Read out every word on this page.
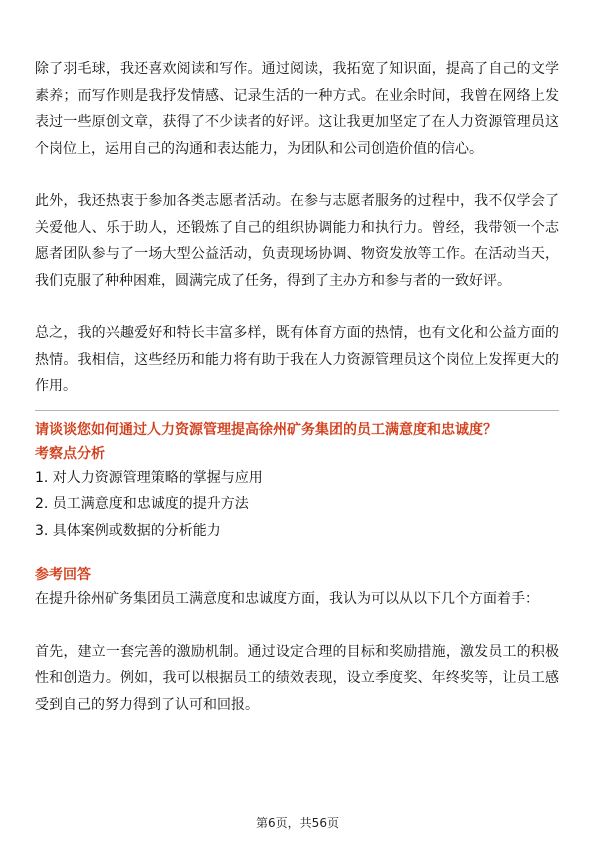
除了羽毛球，我还喜欢阅读和写作。通过阅读，我拓宽了知识面，提高了自己的文学素养；而写作则是我抒发情感、记录生活的一种方式。在业余时间，我曾在网络上发表过一些原创文章，获得了不少读者的好评。这让我更加坚定了在人力资源管理员这个岗位上，运用自己的沟通和表达能力，为团队和公司创造价值的信心。

此外，我还热衷于参加各类志愿者活动。在参与志愿者服务的过程中，我不仅学会了关爱他人、乐于助人，还锻炼了自己的组织协调能力和执行力。曾经，我带领一个志愿者团队参与了一场大型公益活动，负责现场协调、物资发放等工作。在活动当天，我们克服了种种困难，圆满完成了任务，得到了主办方和参与者的一致好评。

总之，我的兴趣爱好和特长丰富多样，既有体育方面的热情，也有文化和公益方面的热情。我相信，这些经历和能力将有助于我在人力资源管理员这个岗位上发挥更大的作用。

请谈谈您如何通过人力资源管理提高徐州矿务集团的员工满意度和忠诚度？

考察点分析

1. 对人力资源管理策略的掌握与应用

2. 员工满意度和忠诚度的提升方法

3. 具体案例或数据的分析能力

参考回答

在提升徐州矿务集团员工满意度和忠诚度方面，我认为可以从以下几个方面着手：

首先，建立一套完善的激励机制。通过设定合理的目标和奖励措施，激发员工的积极性和创造力。例如，我可以根据员工的绩效表现，设立季度奖、年终奖等，让员工感受到自己的努力得到了认可和回报。

第6页，共56页
